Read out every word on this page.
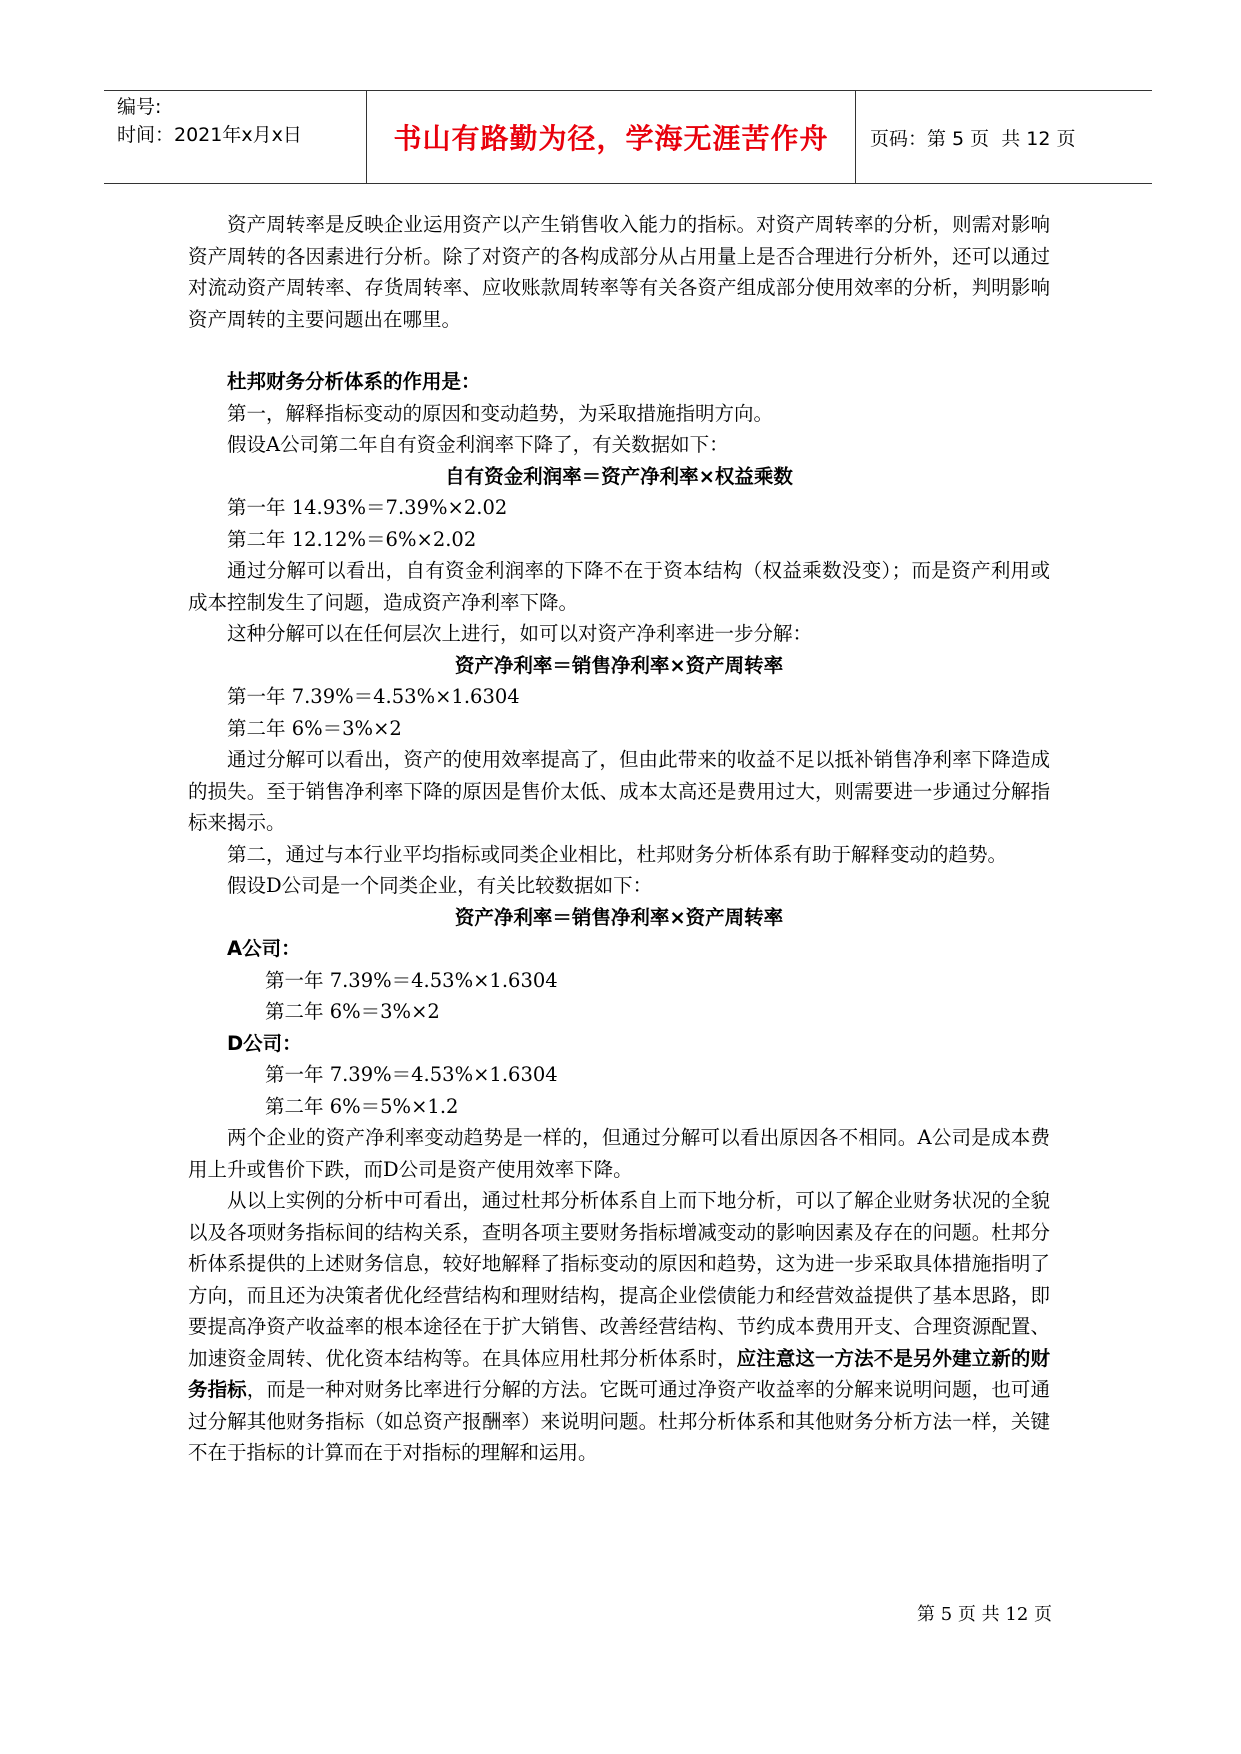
编号:
时间：2021年x月x日	书山有路勤为径，学海无涯苦作舟	页码：第 5 页  共 12 页

资产周转率是反映企业运用资产以产生销售收入能力的指标。对资产周转率的分析，则需对影响资产周转的各因素进行分析。除了对资产的各构成部分从占用量上是否合理进行分析外，还可以通过对流动资产周转率、存货周转率、应收账款周转率等有关各资产组成部分使用效率的分析，判明影响资产周转的主要问题出在哪里。

杜邦财务分析体系的作用是：

第一，解释指标变动的原因和变动趋势，为采取措施指明方向。

假设A公司第二年自有资金利润率下降了，有关数据如下：

自有资金利润率＝资产净利率×权益乘数

第一年 14.93%＝7.39%×2.02

第二年 12.12%＝6%×2.02

通过分解可以看出，自有资金利润率的下降不在于资本结构（权益乘数没变）；而是资产利用或成本控制发生了问题，造成资产净利率下降。

这种分解可以在任何层次上进行，如可以对资产净利率进一步分解：

资产净利率＝销售净利率×资产周转率

第一年 7.39%＝4.53%×1.6304

第二年 6%＝3%×2

通过分解可以看出，资产的使用效率提高了，但由此带来的收益不足以抵补销售净利率下降造成的损失。至于销售净利率下降的原因是售价太低、成本太高还是费用过大，则需要进一步通过分解指标来揭示。

第二，通过与本行业平均指标或同类企业相比，杜邦财务分析体系有助于解释变动的趋势。

假设D公司是一个同类企业，有关比较数据如下：

资产净利率＝销售净利率×资产周转率

A公司：

第一年 7.39%＝4.53%×1.6304

第二年 6%＝3%×2

D公司：

第一年 7.39%＝4.53%×1.6304

第二年 6%＝5%×1.2

两个企业的资产净利率变动趋势是一样的，但通过分解可以看出原因各不相同。A公司是成本费用上升或售价下跌，而D公司是资产使用效率下降。

从以上实例的分析中可看出，通过杜邦分析体系自上而下地分析，可以了解企业财务状况的全貌以及各项财务指标间的结构关系，查明各项主要财务指标增减变动的影响因素及存在的问题。杜邦分析体系提供的上述财务信息，较好地解释了指标变动的原因和趋势，这为进一步采取具体措施指明了方向，而且还为决策者优化经营结构和理财结构，提高企业偿债能力和经营效益提供了基本思路，即要提高净资产收益率的根本途径在于扩大销售、改善经营结构、节约成本费用开支、合理资源配置、加速资金周转、优化资本结构等。在具体应用杜邦分析体系时，应注意这一方法不是另外建立新的财务指标，而是一种对财务比率进行分解的方法。它既可通过净资产收益率的分解来说明问题，也可通过分解其他财务指标（如总资产报酬率）来说明问题。杜邦分析体系和其他财务分析方法一样，关键不在于指标的计算而在于对指标的理解和运用。

第 5 页 共 12 页
